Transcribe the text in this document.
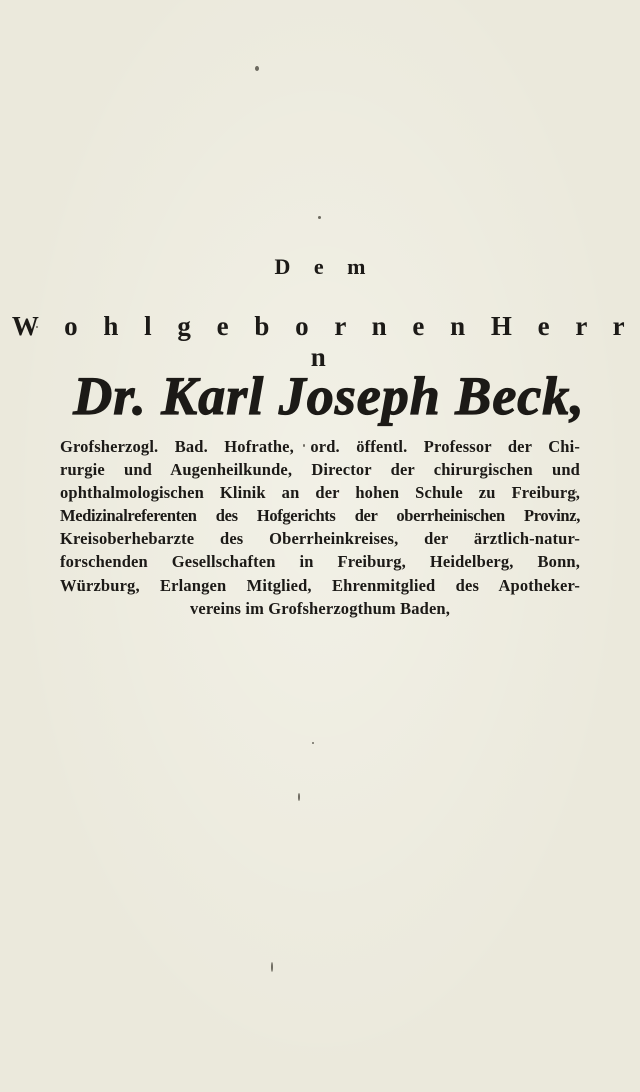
D e m
W o h l g e b o r n e n H e r r n
Dr. Karl Joseph Beck,
Grofsherzogl. Bad. Hofrathe, ord. öffentl. Professor der Chi-
rurgie und Augenheilkunde, Director der chirurgischen und
ophthalmologischen Klinik an der hohen Schule zu Freiburg,
Medizinalreferenten des Hofgerichts der oberrheinischen Provinz,
Kreisoberhebarzte des Oberrheinkreises, der ärztlich-natur-
forschenden Gesellschaften in Freiburg, Heidelberg, Bonn,
Würzburg, Erlangen Mitglied, Ehrenmitglied des Apotheker-
vereins im Grofsherzogthum Baden,
